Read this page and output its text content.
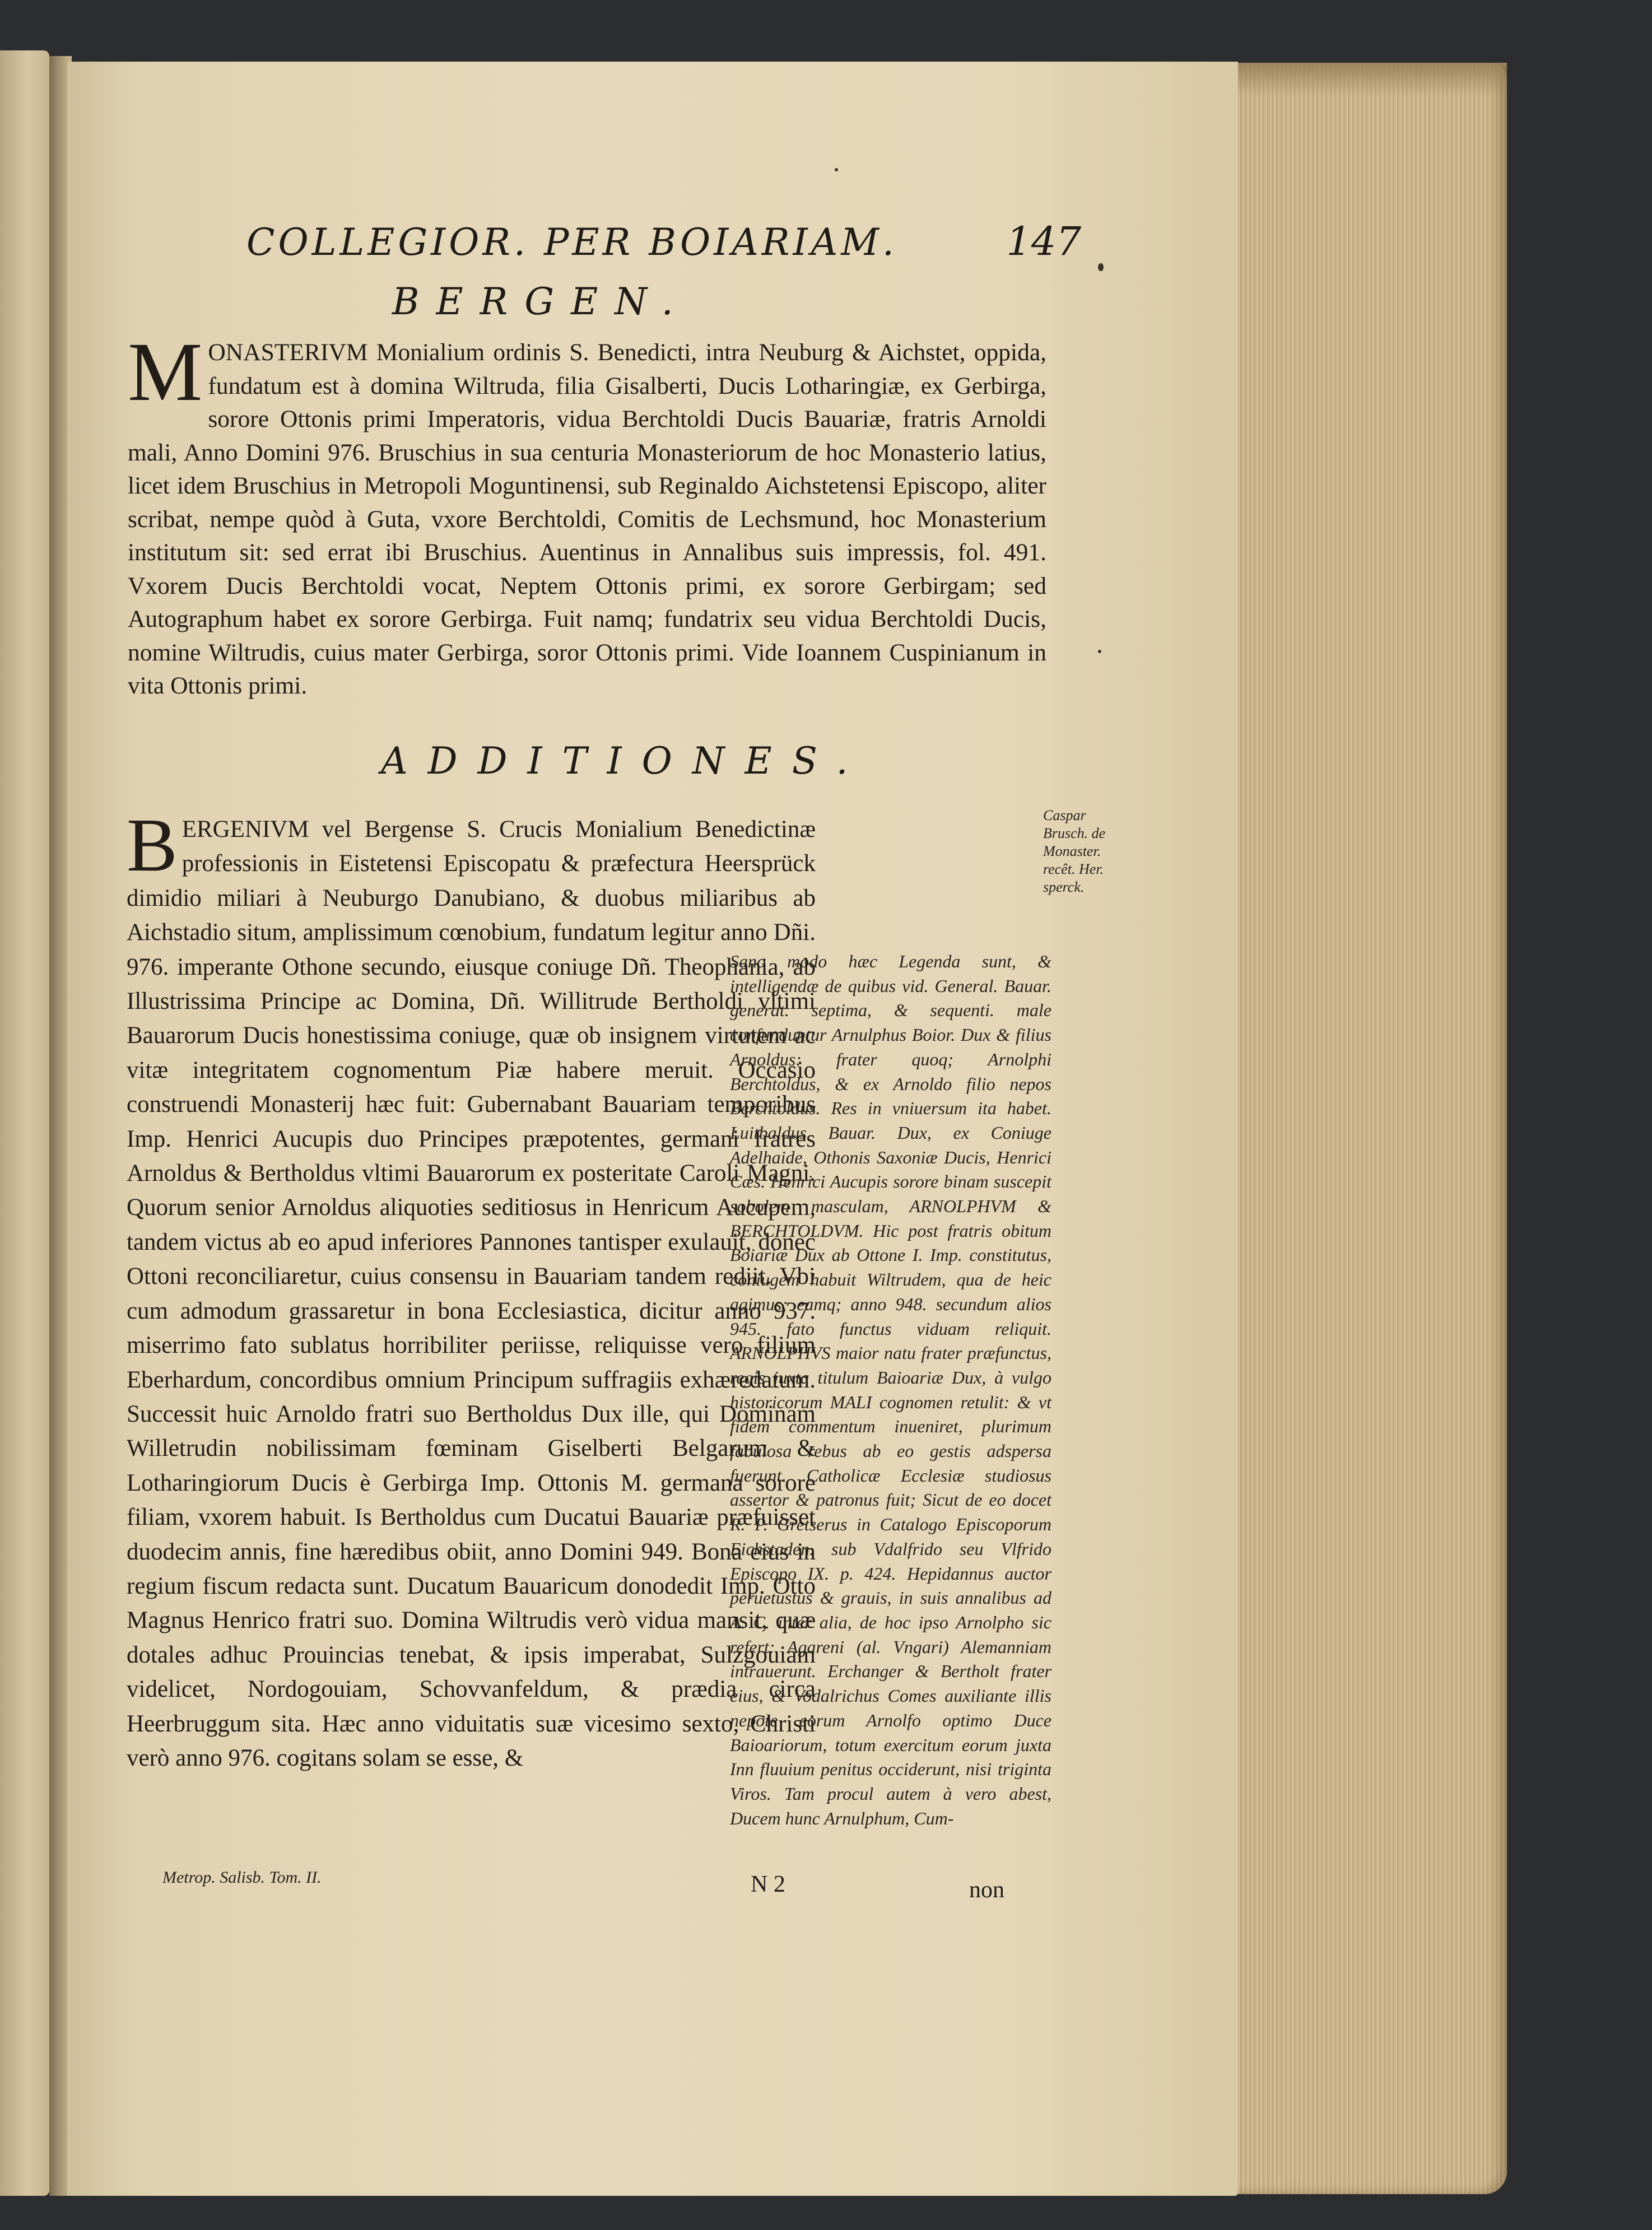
COLLEGIOR. PER BOIARIAM.	147
BERGEN.
M ONASTERIVM Monialium ordinis S. Benedicti, intra Neuburg & Aichstet, oppida, fundatum est à domina Wiltruda, filia Gisalberti, Ducis Lotharingiæ, ex Gerbirga, sorore Ottonis primi Imperatoris, vidua Berchtoldi Ducis Bauariæ, fratris Arnoldi mali, Anno Domini 976. Bruschius in sua centuria Monasteriorum de hoc Monasterio latius, licet idem Bruschius in Metropoli Moguntinensi, sub Reginaldo Aichstetensi Episcopo, aliter scribat, nempe quòd à Guta, vxore Berchtoldi, Comitis de Lechsmund, hoc Monasterium institutum sit: sed errat ibi Bruschius. Auentinus in Annalibus suis impressis, fol. 491. Vxorem Ducis Berchtoldi vocat, Neptem Ottonis primi, ex sorore Gerbirgam; sed Autographum habet ex sorore Gerbirga. Fuit namq; fundatrix seu vidua Berchtoldi Ducis, nomine Wiltrudis, cuius mater Gerbirga, soror Ottonis primi. Vide Ioannem Cuspinianum in vita Ottonis primi.
ADDITIONES.
B ERGENIVM vel Bergense S. Crucis Monialium Benedictinæ professionis in Eistetensi Episcopatu & præfectura Heersprück dimidio miliari à Neuburgo Danubiano, & duobus miliaribus ab Aichstadio situm, amplissimum cœnobium, fundatum legitur anno Dñi. 976. imperante Othone secundo, eiusque coniuge Dñ. Theophania, ab Illustrissima Principe ac Domina, Dñ. Willitrude Bertholdi vltimi Bauarorum Ducis honestissima coniuge, quæ ob insignem virtutem ac vitæ integritatem cognomentum Piæ habere meruit. Occasio construendi Monasterij hæc fuit: Gubernabant Bauariam temporibus Imp. Henrici Aucupis duo Principes præpotentes, germani fratres Arnoldus & Bertholdus vltimi Bauarorum ex posteritate Caroli Magni. Quorum senior Arnoldus aliquoties seditiosus in Henricum Aucupem, tandem victus ab eo apud inferiores Pannones tantisper exulauit, donec Ottoni reconciliaretur, cuius consensu in Bauariam tandem rediit. Vbi cum admodum grassaretur in bona Ecclesiastica, dicitur anno 937. miserrimo fato sublatus horribiliter periisse, reliquisse vero filium Eberhardum, concordibus omnium Principum suffragiis exhæredatum. Successit huic Arnoldo fratri suo Bertholdus Dux ille, qui Dominam Willetrudin nobilissimam fœminam Giselberti Belgarum & Lotharingiorum Ducis è Gerbirga Imp. Ottonis M. germana sorore filiam, vxorem habuit. Is Bertholdus cum Ducatui Bauariæ præfuisset duodecim annis, fine hæredibus obiit, anno Domini 949. Bona eius in regium fiscum redacta sunt. Ducatum Bauaricum donodedit Imp. Otto Magnus Henrico fratri suo. Domina Wiltrudis verò vidua mansit, quæ dotales adhuc Prouincias tenebat, & ipsis imperabat, Sulzgouiam videlicet, Nordogouiam, Schovvanfeldum, & prædia circa Heerbruggum sita. Hæc anno viduitatis suæ vicesimo sexto, Christi verò anno 976. cogitans solam se esse, &
Caspar Brusch. de Monaster. recêt. Her. sperck.
Sano modo hæc Legenda sunt, & intelligendæ de quibus vid. General. Bauar. generat. septima, & sequenti. male confunduntur Arnulphus Boior. Dux & filius Arnoldus: frater quoq; Arnolphi Berchtoldus, & ex Arnoldo filio nepos Berchtoldus. Res in vniuersum ita habet. Luitbaldus Bauar. Dux, ex Coniuge Adelhaide, Othonis Saxoniæ Ducis, Henrici Cæs. Henrici Aucupis sorore binam suscepit sobolem masculam, ARNOLPHVM & BERCHTOLDVM. Hic post fratris obitum Boiariæ Dux ab Ottone I. Imp. constitutus, coniugem habuit Wiltrudem, qua de heic agimus; eamq; anno 948. secundum alios 945. fato functus viduam reliquit. ARNOLPHVS maior natu frater præfunctus, regis juxta titulum Baioariæ Dux, à vulgo historicorum MALI cognomen retulit: & vt fidem commentum inueniret, plurimum fabulosa rebus ab eo gestis adspersa fuerunt. Catholicæ Ecclesiæ studiosus assertor & patronus fuit; Sicut de eo docet R. P. Gretserus in Catalogo Episcoporum Eichstaden. sub Vdalfrido seu Vlfrido Episcopo IX. p. 424. Hepidannus auctor peruetustus & grauis, in suis annalibus ad A. C. inter alia, de hoc ipso Arnolpho sic refert: Agareni (al. Vngari) Alemanniam intrauerunt. Erchanger & Bertholt frater eius, & Vodalrichus Comes auxiliante illis nepote eorum Arnolfo optimo Duce Baioariorum, totum exercitum eorum juxta Inn fluuium penitus occiderunt, nisi triginta Viros. Tam procul autem à vero abest, Ducem hunc Arnulphum, Cum-
Metrop. Salisb. Tom. II.	N 2	non
